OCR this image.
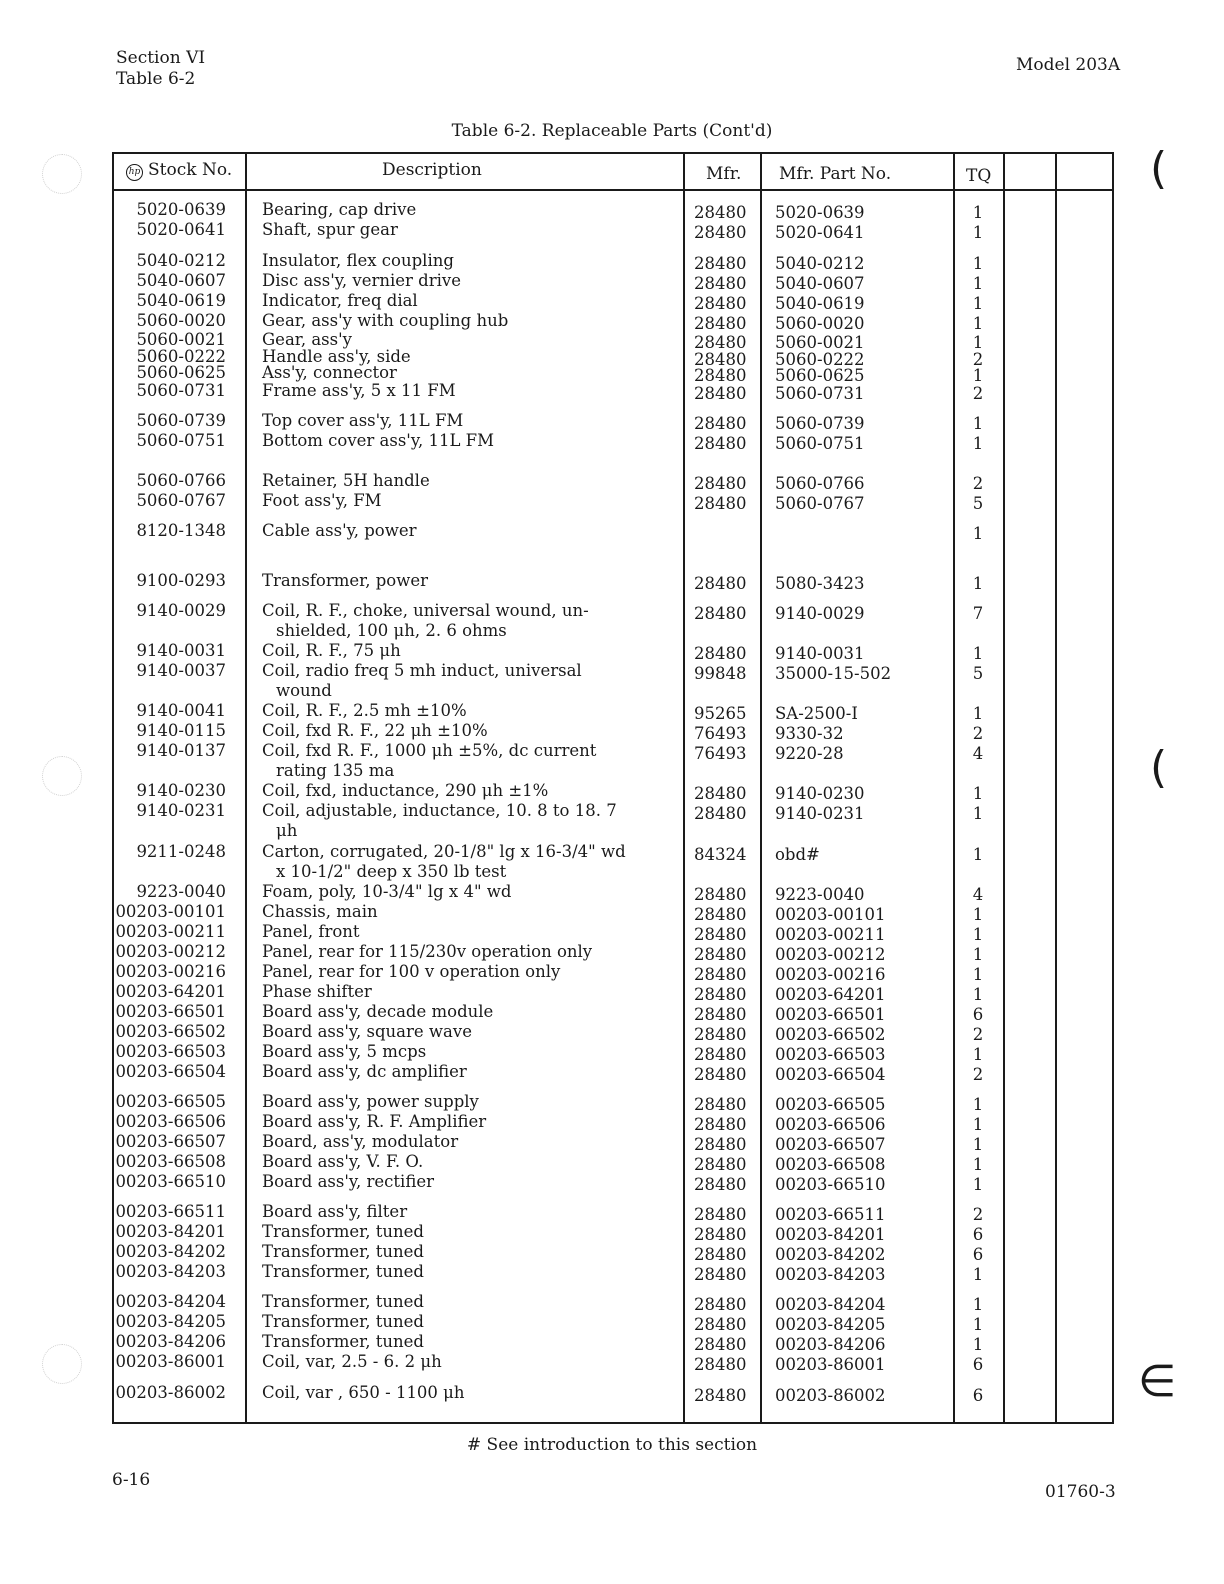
Section VI
Table 6-2
Model 203A
Table 6-2. Replaceable Parts (Cont'd)
hp Stock No.	Description	Mfr. Mfr. Part No.	TQ
5020-0639 Bearing, cap drive	28480 5020-0639	1
5020-0641 Shaft, spur gear	28480 5020-0641	1
5040-0212 Insulator, flex coupling	28480 5040-0212	1
5040-0607 Disc ass'y, vernier drive	28480 5040-0607	1
5040-0619 Indicator, freq dial	28480 5040-0619	1
5060-0020 Gear, ass'y with coupling hub	28480 5060-0020	1
5060-0021 Gear, ass'y	28480 5060-0021	1
5060-0222 Handle ass'y, side	28480 5060-0222	2
5060-0625 Ass'y, connector	28480 5060-0625	1
5060-0731 Frame ass'y, 5 x 11 FM	28480 5060-0731	2
5060-0739 Top cover ass'y, 11L FM	28480 5060-0739	1
5060-0751 Bottom cover ass'y, 11L FM	28480 5060-0751	1
5060-0766 Retainer, 5H handle	28480 5060-0766	2
5060-0767 Foot ass'y, FM	28480 5060-0767	5
8120-1348 Cable ass'y, power	1
9100-0293 Transformer, power	28480 5080-3423	1
9140-0029 Coil, R. F., choke, universal wound, un-	28480 9140-0029	7
shielded, 100 μh, 2. 6 ohms
9140-0031 Coil, R. F., 75 μh	28480 9140-0031	1
9140-0037 Coil, radio freq 5 mh induct, universal	99848 35000-15-502	5
wound
9140-0041 Coil, R. F., 2.5 mh ±10%	95265 SA-2500-I	1
9140-0115 Coil, fxd R. F., 22 μh ±10%	76493 9330-32	2
9140-0137 Coil, fxd R. F., 1000 μh ±5%, dc current	76493 9220-28	4
rating 135 ma
9140-0230 Coil, fxd, inductance, 290 μh ±1%	28480 9140-0230	1
9140-0231 Coil, adjustable, inductance, 10. 8 to 18. 7	28480 9140-0231	1
μh
9211-0248 Carton, corrugated, 20-1/8" lg x 16-3/4" wd	84324 obd#	1
x 10-1/2" deep x 350 lb test
9223-0040 Foam, poly, 10-3/4" lg x 4" wd	28480 9223-0040	4
00203-00101 Chassis, main	28480 00203-00101	1
00203-00211 Panel, front	28480 00203-00211	1
00203-00212 Panel, rear for 115/230v operation only	28480 00203-00212	1
00203-00216 Panel, rear for 100 v operation only	28480 00203-00216	1
00203-64201 Phase shifter	28480 00203-64201	1
00203-66501 Board ass'y, decade module	28480 00203-66501	6
00203-66502 Board ass'y, square wave	28480 00203-66502	2
00203-66503 Board ass'y, 5 mcps	28480 00203-66503	1
00203-66504 Board ass'y, dc amplifier	28480 00203-66504	2
00203-66505 Board ass'y, power supply	28480 00203-66505	1
00203-66506 Board ass'y, R. F. Amplifier	28480 00203-66506	1
00203-66507 Board, ass'y, modulator	28480 00203-66507	1
00203-66508 Board ass'y, V. F. O.	28480 00203-66508	1
00203-66510 Board ass'y, rectifier	28480 00203-66510	1
00203-66511 Board ass'y, filter	28480 00203-66511	2
00203-84201 Transformer, tuned	28480 00203-84201	6
00203-84202 Transformer, tuned	28480 00203-84202	6
00203-84203 Transformer, tuned	28480 00203-84203	1
00203-84204 Transformer, tuned	28480 00203-84204	1
00203-84205 Transformer, tuned	28480 00203-84205	1
00203-84206 Transformer, tuned	28480 00203-84206	1
00203-86001 Coil, var, 2.5 - 6. 2 μh	28480 00203-86001	6
00203-86002 Coil, var , 650 - 1100 μh	28480 00203-86002	6
# See introduction to this section
6-16
01760-3
(
(
∈
